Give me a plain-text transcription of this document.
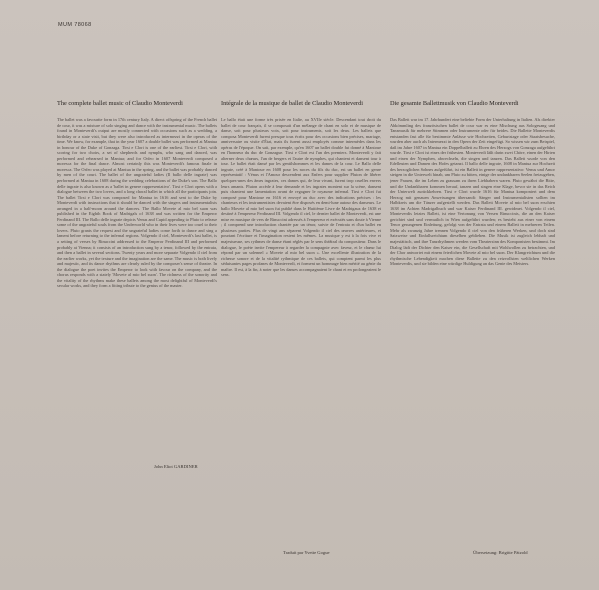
MUM 78068
The complete ballet music of Claudio Monteverdi

The ballet was a favourite form in 17th century Italy. A direct offspring of the French ballet de cour, it was a mixture of solo singing and dance with the instrumental music. The ballets found in Monteverdi's output are mostly connected with occasions such as a wedding, a birthday or a state visit, but they were also introduced as intermezzi in the operas of the time. We know, for example, that in the year 1607 a double ballet was performed at Mantua in honour of the Duke of Gonzaga. Tirsi e Clori is one of the earliest. Tirsi e Clori, with scoring for two choirs, a set of shepherds and nymphs, who sang and danced, was performed and rehearsed in Mantua; and for Orfeo in 1607 Monteverdi composed a moresca for the final dance. Almost certainly this was Monteverdi's famous finale in moresca. The Orfeo was played at Mantua in the spring, and the ballet was probably danced by men of the court. The ballet of the ungrateful ladies (Il ballo delle ingrate) was performed at Mantua in 1608 during the wedding celebrations of the Duke's son. The Ballo delle ingrate is also known as a 'ballet in genere rappresentativo'. Tirsi e Clori opens with a dialogue between the two lovers, and a long choral ballet in which all the participants join. The ballet Tirsi e Clori was composed for Mantua in 1616 and sent to the Duke by Monteverdi with instructions that it should be danced with the singers and instrumentalists arranged in a half-moon around the dancers. The Ballo Movete al mio bel suon was published in the Eighth Book of Madrigals of 1638 and was written for the Emperor Ferdinand III. The Ballo delle ingrate depicts Venus and Cupid appealing to Pluto to release some of the ungrateful souls from the Underworld who in their lives were too cruel to their lovers. Pluto grants the request and the ungrateful ladies come forth to dance and sing a lament before returning to the infernal regions. Volgendo il ciel, Monteverdi's last ballet, is a setting of verses by Rinuccini addressed to the Emperor Ferdinand III and performed probably at Vienna; it consists of an introduction sung by a tenor, followed by the entrata, and then a ballet in several sections. Twenty years and more separate Volgendo il ciel from the earlier works, yet the texture and the imagination are the same. The music is both lively and majestic, and its dance rhythms are clearly ruled by the composer's sense of theatre. In the dialogue the poet invites the Emperor to look with favour on the company, and the chorus responds with a stately 'Movete al mio bel suon'. The richness of the sonority and the vitality of the rhythms make these ballets among the most delightful of Monteverdi's secular works, and they form a fitting tribute to the genius of the master.

Intégrale de la musique de ballet de Claudio Monteverdi

Le ballo était une forme très prisée en Italie, au XVIIe siècle. Descendant tout droit du ballet de cour français, il se composait d'un mélange de chant en solo et de musique de danse, soit pour plusieurs voix, soit pour instruments, soit les deux. Les ballets que composa Monteverdi furent presque tous écrits pour des occasions bien précises, mariage, anniversaire ou visite d'État, mais ils furent aussi employés comme intermèdes dans les opéras de l'époque. On sait, par exemple, qu'en 1607 un ballet double fut donné à Mantoue en l'honneur du duc de Gonzague. Tirsi e Clori est l'un des premiers. Monteverdi y fait alterner deux chœurs, l'un de bergers et l'autre de nymphes, qui chantent et dansent tour à tour. Le ballet était dansé par les gentilshommes et les dames de la cour. Le Ballo delle ingrate, créé à Mantoue en 1608 pour les noces du fils du duc, est un ballet en genre représentatif : Vénus et l'Amour descendent aux Enfers pour supplier Pluton de libérer quelques-unes des âmes ingrates, ces dames qui, de leur vivant, furent trop cruelles envers leurs amants. Pluton accède à leur demande et les ingrates montent sur la scène, dansent puis chantent une lamentation avant de regagner le royaume infernal. Tirsi e Clori fut composé pour Mantoue en 1616 et envoyé au duc avec des indications précises : les chanteurs et les instrumentistes devaient être disposés en demi-lune autour des danseurs. Le ballo Movete al mio bel suon fut publié dans le Huitième Livre de Madrigaux de 1638 et destiné à l'empereur Ferdinand III. Volgendo il ciel, le dernier ballet de Monteverdi, est une mise en musique de vers de Rinuccini adressés à l'empereur et exécutés sans doute à Vienne ; il comprend une introduction chantée par un ténor, suivie de l'entrata et d'un ballet en plusieurs parties. Plus de vingt ans séparent Volgendo il ciel des œuvres antérieures, et pourtant l'écriture et l'imagination restent les mêmes. La musique y est à la fois vive et majestueuse, ses rythmes de danse étant réglés par le sens théâtral du compositeur. Dans le dialogue, le poète invite l'empereur à regarder la compagnie avec faveur, et le chœur lui répond par un solennel « Movete al mio bel suon ». Une excellente illustration de la richesse sonore et de la vitalité rythmique de ces ballets, qui comptent parmi les plus séduisantes pages profanes de Monteverdi, et forment un hommage bien mérité au génie du maître. Il est, à la fin, à noter que les danses accompagnaient le chant et en prolongeaient le sens.

Die gesamte Ballettmusik von Claudio Monteverdi

Das Ballett war im 17. Jahrhundert eine beliebte Form der Unterhaltung in Italien. Als direkter Abkömmling des französischen ballet de cour war es eine Mischung aus Sologesang und Tanzmusik für mehrere Stimmen oder Instrumente oder für beides. Die Ballette Monteverdis entstanden fast alle für bestimmte Anlässe wie Hochzeiten, Geburtstage oder Staatsbesuche, wurden aber auch als Intermezzi in den Opern der Zeit eingefügt. So wissen wir zum Beispiel, daß im Jahre 1607 in Mantua ein Doppelballett zu Ehren des Herzogs von Gonzaga aufgeführt wurde. Tirsi e Clori ist eines der frühesten. Monteverdi läßt darin zwei Chöre, einen der Hirten und einen der Nymphen, abwechseln, die singen und tanzen. Das Ballett wurde von den Edelleuten und Damen des Hofes getanzt. Il ballo delle ingrate, 1608 in Mantua zur Hochzeit des herzoglichen Sohnes aufgeführt, ist ein Ballett in genere rappresentativo: Venus und Amor steigen in die Unterwelt hinab, um Pluto zu bitten, einige der undankbaren Seelen freizugeben, jener Frauen, die im Leben zu grausam zu ihren Liebhabern waren. Pluto gewährt die Bitte, und die Undankbaren kommen herauf, tanzen und singen eine Klage, bevor sie in das Reich der Unterwelt zurückkehren. Tirsi e Clori wurde 1616 für Mantua komponiert und dem Herzog mit genauen Anweisungen übersandt: Sänger und Instrumentalisten sollten im Halbkreis um die Tänzer aufgestellt werden. Das Ballett Movete al mio bel suon erschien 1638 im Achten Madrigalbuch und war Kaiser Ferdinand III. gewidmet. Volgendo il ciel, Monteverdis letztes Ballett, ist eine Vertonung von Versen Rinuccinis, die an den Kaiser gerichtet sind und vermutlich in Wien aufgeführt wurden; es besteht aus einer von einem Tenor gesungenen Einleitung, gefolgt von der Entrata und einem Ballett in mehreren Teilen. Mehr als zwanzig Jahre trennen Volgendo il ciel von den früheren Werken, und doch sind Satzweise und Einfallsreichtum dieselben geblieben. Die Musik ist zugleich lebhaft und majestätisch, und ihre Tanzrhythmen werden vom Theatersinn des Komponisten bestimmt. Im Dialog lädt der Dichter den Kaiser ein, die Gesellschaft mit Wohlwollen zu betrachten, und der Chor antwortet mit einem feierlichen Movete al mio bel suon. Der Klangreichtum und die rhythmische Lebendigkeit machen diese Ballette zu den reizvollsten weltlichen Werken Monteverdis, und sie bilden eine würdige Huldigung an das Genie des Meisters.

John Eliot GARDINER
Traduit par Yvette Gogue	Übersetzung: Brigitte Pätzold
